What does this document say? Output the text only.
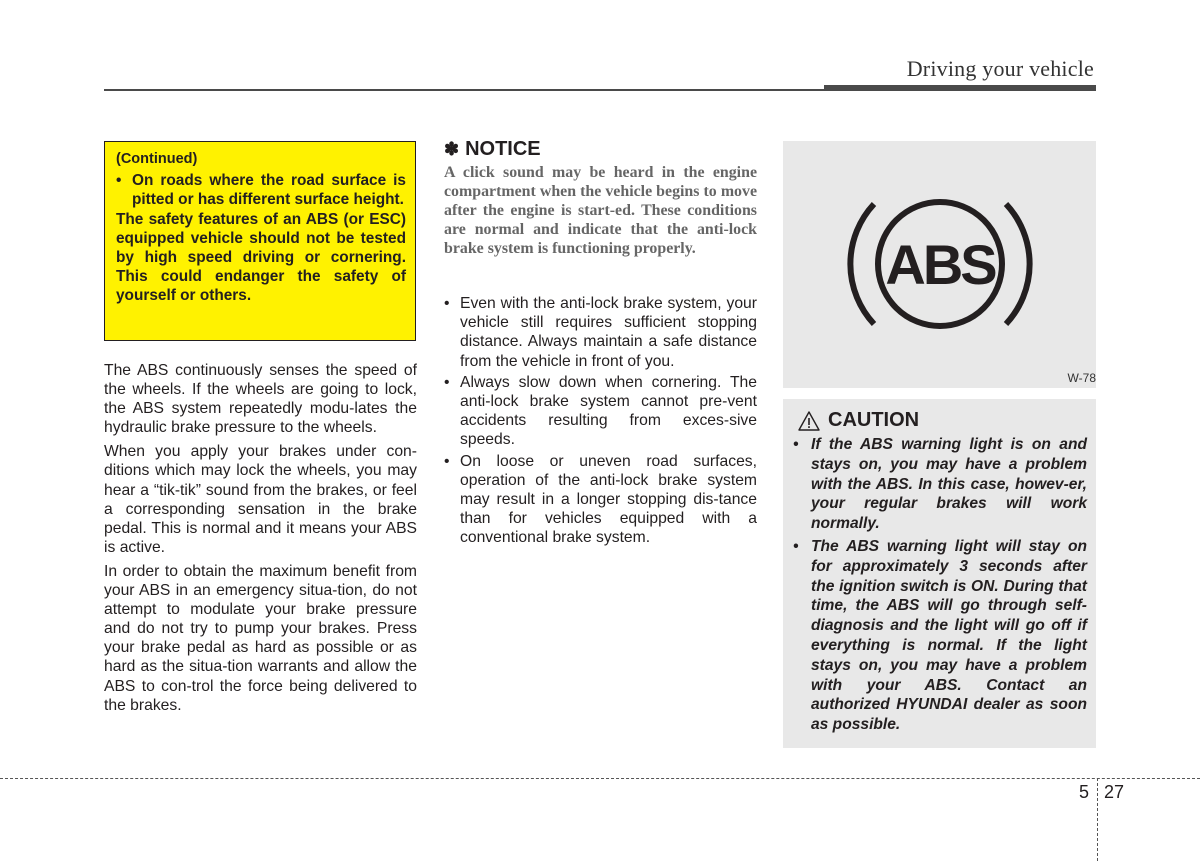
Driving your vehicle
(Continued)
• On roads where the road surface is pitted or has different surface height.

The safety features of an ABS (or ESC) equipped vehicle should not be tested by high speed driving or cornering. This could endanger the safety of yourself or others.

The ABS continuously senses the speed of the wheels. If the wheels are going to lock, the ABS system repeatedly modu-lates the hydraulic brake pressure to the wheels.

When you apply your brakes under con-ditions which may lock the wheels, you may hear a “tik-tik” sound from the brakes, or feel a corresponding sensation in the brake pedal. This is normal and it means your ABS is active.

In order to obtain the maximum benefit from your ABS in an emergency situa-tion, do not attempt to modulate your brake pressure and do not try to pump your brakes. Press your brake pedal as hard as possible or as hard as the situa-tion warrants and allow the ABS to con-trol the force being delivered to the brakes.

✽ NOTICE

A click sound may be heard in the engine compartment when the vehicle begins to move after the engine is start-ed. These conditions are normal and indicate that the anti-lock brake system is functioning properly.

• Even with the anti-lock brake system, your vehicle still requires sufficient stopping distance. Always maintain a safe distance from the vehicle in front of you.
• Always slow down when cornering. The anti-lock brake system cannot pre-vent accidents resulting from exces-sive speeds.
• On loose or uneven road surfaces, operation of the anti-lock brake system may result in a longer stopping dis-tance than for vehicles equipped with a conventional brake system.
ABS
W-78
CAUTION
• If the ABS warning light is on and stays on, you may have a problem with the ABS. In this case, howev-er, your regular brakes will work normally.
• The ABS warning light will stay on for approximately 3 seconds after the ignition switch is ON. During that time, the ABS will go through self-diagnosis and the light will go off if everything is normal. If the light stays on, you may have a problem with your ABS. Contact an authorized HYUNDAI dealer as soon as possible.
5 27
